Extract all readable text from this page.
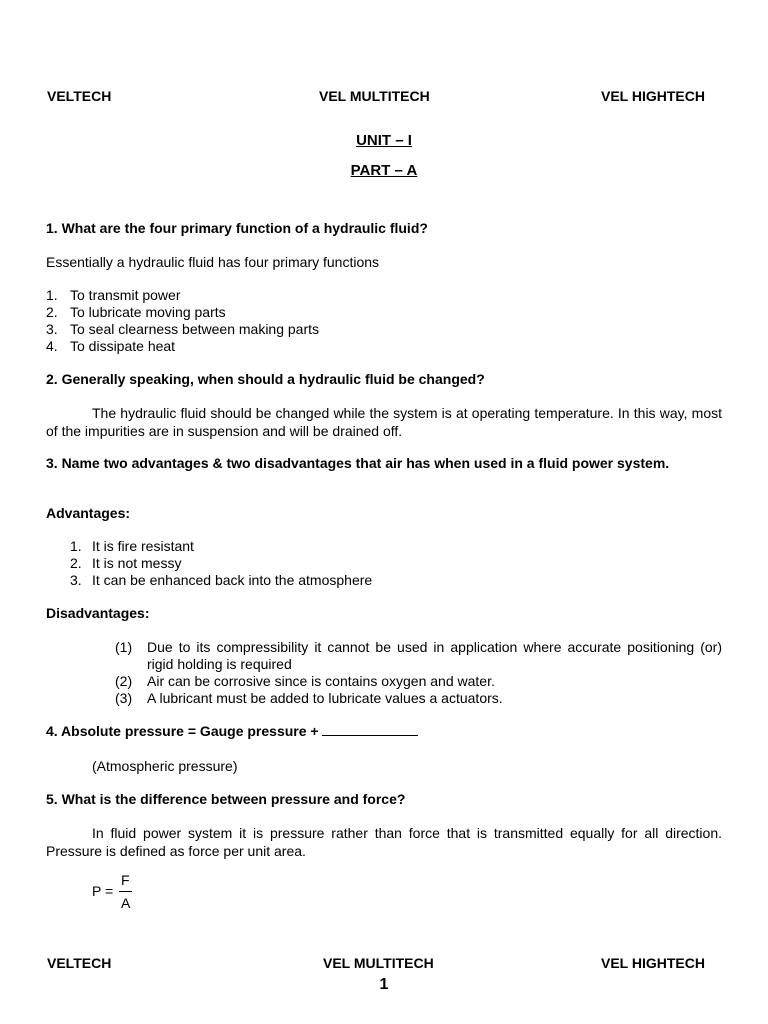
VELTECH	VEL MULTITECH	VEL HIGHTECH
UNIT – I
PART – A
1. What are the four primary function of a hydraulic fluid?
Essentially a hydraulic fluid has four primary functions
1. To transmit power
2. To lubricate moving parts
3. To seal clearness between making parts
4. To dissipate heat
2. Generally speaking, when should a hydraulic fluid be changed?
The hydraulic fluid should be changed while the system is at operating temperature. In this way, most of the impurities are in suspension and will be drained off.
3. Name two advantages & two disadvantages that air has when used in a fluid power system.
Advantages:
1. It is fire resistant
2. It is not messy
3. It can be enhanced back into the atmosphere
Disadvantages:
(1) Due to its compressibility it cannot be used in application where accurate positioning (or) rigid holding is required
(2) Air can be corrosive since is contains oxygen and water.
(3) A lubricant must be added to lubricate values a actuators.
4. Absolute pressure = Gauge pressure +
(Atmospheric pressure)
5. What is the difference between pressure and force?
In fluid power system it is pressure rather than force that is transmitted equally for all direction. Pressure is defined as force per unit area.
P =
F
A
VELTECH	VEL MULTITECH	VEL HIGHTECH
1
